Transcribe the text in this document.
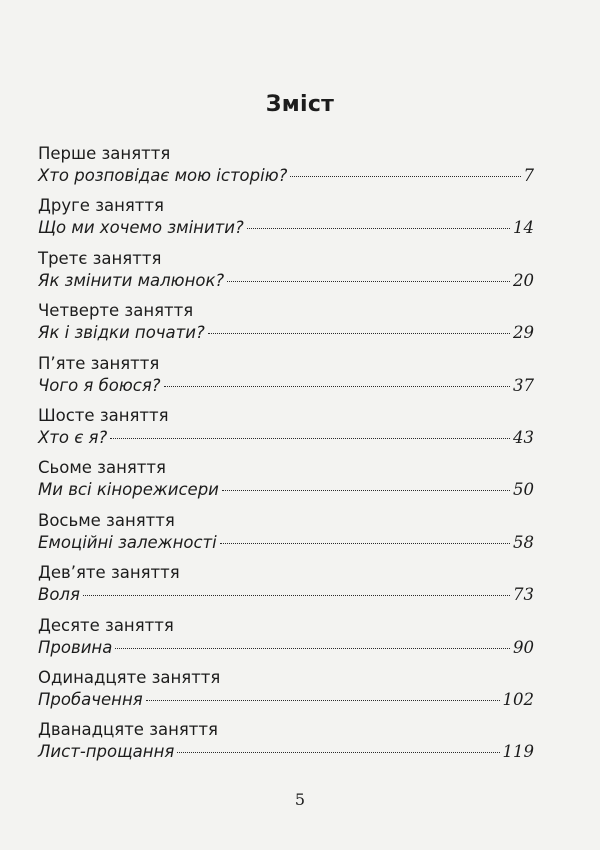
Зміст
Перше заняття
Хто розповідає мою історію?	7
Друге заняття
Що ми хочемо змінити?	14
Третє заняття
Як змінити малюнок?	20
Четверте заняття
Як і звідки почати?	29
П’яте заняття
Чого я боюся?	37
Шосте заняття
Хто є я?	43
Сьоме заняття
Ми всі кінорежисери	50
Восьме заняття
Емоційні залежності	58
Дев’яте заняття
Воля	73
Десяте заняття
Провина	90
Одинадцяте заняття
Пробачення	102
Дванадцяте заняття
Лист-прощання	119
5
